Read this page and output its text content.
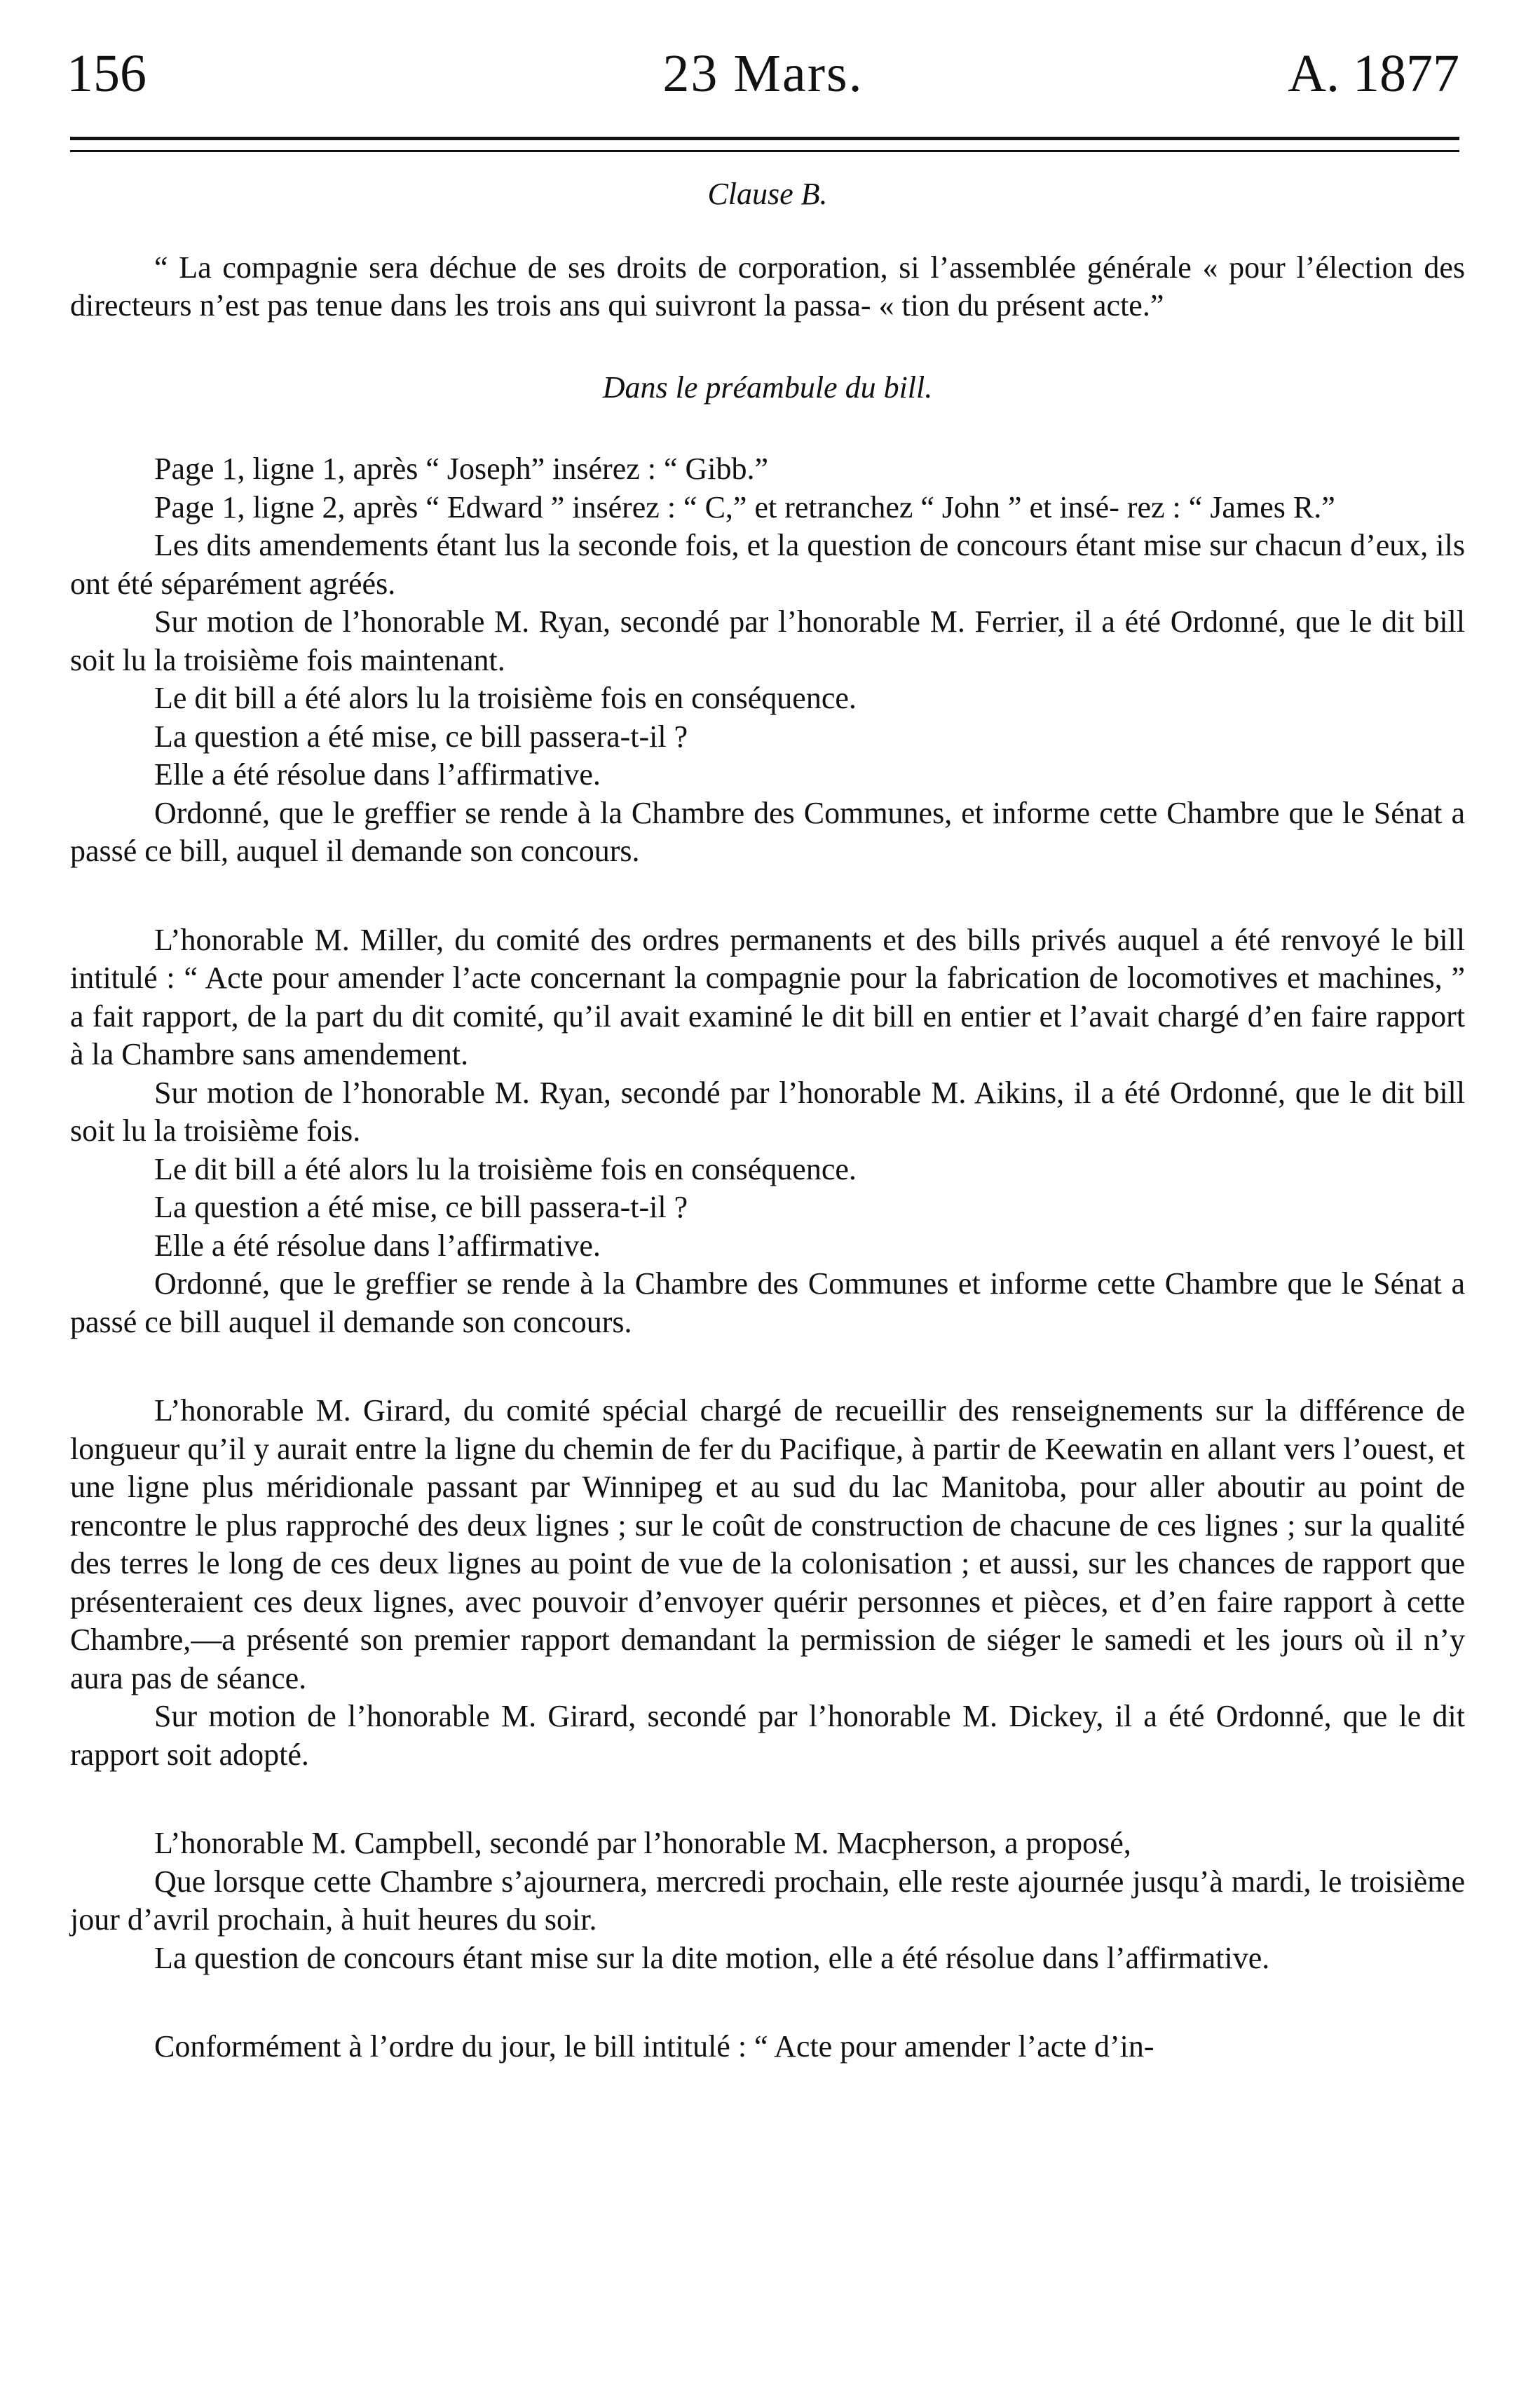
156	23 Mars.	A. 1877
Clause B.

“ La compagnie sera déchue de ses droits de corporation, si l’assemblée générale « pour l’élection des directeurs n’est pas tenue dans les trois ans qui suivront la passa- « tion du présent acte.”

Dans le préambule du bill.

Page 1, ligne 1, après “ Joseph” insérez : “ Gibb.”

Page 1, ligne 2, après “ Edward ” insérez : “ C,” et retranchez “ John ” et insé- rez : “ James R.”

Les dits amendements étant lus la seconde fois, et la question de concours étant mise sur chacun d’eux, ils ont été séparément agréés.

Sur motion de l’honorable M. Ryan, secondé par l’honorable M. Ferrier, il a été Ordonné, que le dit bill soit lu la troisième fois maintenant.

Le dit bill a été alors lu la troisième fois en conséquence.

La question a été mise, ce bill passera-t-il ?

Elle a été résolue dans l’affirmative.

Ordonné, que le greffier se rende à la Chambre des Communes, et informe cette Chambre que le Sénat a passé ce bill, auquel il demande son concours.

L’honorable M. Miller, du comité des ordres permanents et des bills privés auquel a été renvoyé le bill intitulé : “ Acte pour amender l’acte concernant la compagnie pour la fabrication de locomotives et machines, ” a fait rapport, de la part du dit comité, qu’il avait examiné le dit bill en entier et l’avait chargé d’en faire rapport à la Chambre sans amendement.

Sur motion de l’honorable M. Ryan, secondé par l’honorable M. Aikins, il a été Ordonné, que le dit bill soit lu la troisième fois.

Le dit bill a été alors lu la troisième fois en conséquence.

La question a été mise, ce bill passera-t-il ?

Elle a été résolue dans l’affirmative.

Ordonné, que le greffier se rende à la Chambre des Communes et informe cette Chambre que le Sénat a passé ce bill auquel il demande son concours.

L’honorable M. Girard, du comité spécial chargé de recueillir des renseignements sur la différence de longueur qu’il y aurait entre la ligne du chemin de fer du Pacifique, à partir de Keewatin en allant vers l’ouest, et une ligne plus méridionale passant par Winnipeg et au sud du lac Manitoba, pour aller aboutir au point de rencontre le plus rapproché des deux lignes ; sur le coût de construction de chacune de ces lignes ; sur la qualité des terres le long de ces deux lignes au point de vue de la colonisation ; et aussi, sur les chances de rapport que présenteraient ces deux lignes, avec pouvoir d’envoyer quérir personnes et pièces, et d’en faire rapport à cette Chambre,—a présenté son premier rapport demandant la permission de siéger le samedi et les jours où il n’y aura pas de séance.

Sur motion de l’honorable M. Girard, secondé par l’honorable M. Dickey, il a été Ordonné, que le dit rapport soit adopté.

L’honorable M. Campbell, secondé par l’honorable M. Macpherson, a proposé,

Que lorsque cette Chambre s’ajournera, mercredi prochain, elle reste ajournée jusqu’à mardi, le troisième jour d’avril prochain, à huit heures du soir.

La question de concours étant mise sur la dite motion, elle a été résolue dans l’affirmative.

Conformément à l’ordre du jour, le bill intitulé : “ Acte pour amender l’acte d’in-
